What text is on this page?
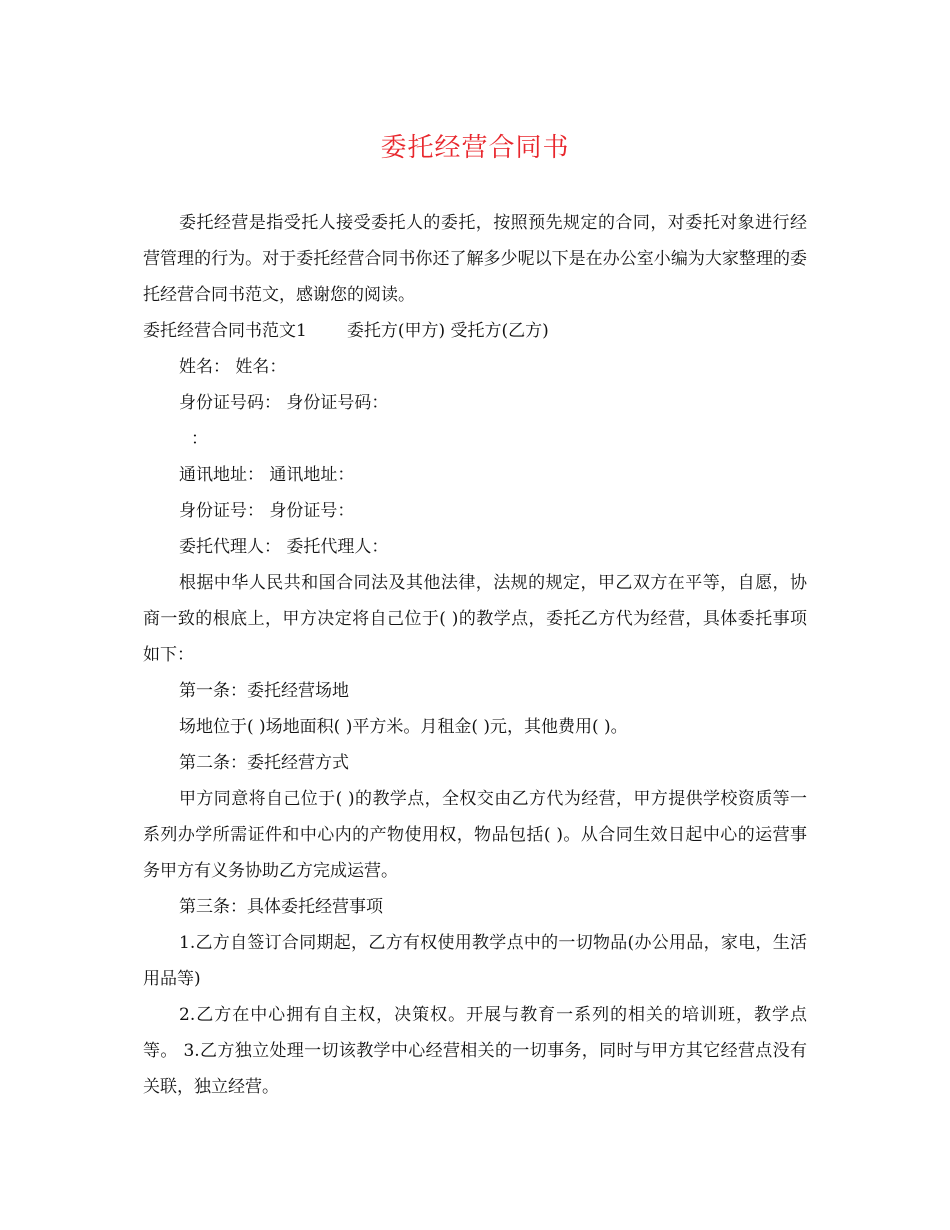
委托经营合同书

委托经营是指受托人接受委托人的委托，按照预先规定的合同，对委托对象进行经营管理的行为。对于委托经营合同书你还了解多少呢以下是在办公室小编为大家整理的委托经营合同书范文，感谢您的阅读。

委托经营合同书范文1 委托方(甲方) 受托方(乙方)

姓名： 姓名：

身份证号码： 身份证号码：

：

通讯地址： 通讯地址：

身份证号： 身份证号：

委托代理人： 委托代理人：

根据中华人民共和国合同法及其他法律，法规的规定，甲乙双方在平等，自愿，协商一致的根底上，甲方决定将自己位于( )的教学点，委托乙方代为经营，具体委托事项如下：

第一条：委托经营场地

场地位于( )场地面积( )平方米。月租金( )元，其他费用( )。

第二条：委托经营方式

甲方同意将自己位于( )的教学点，全权交由乙方代为经营，甲方提供学校资质等一系列办学所需证件和中心内的产物使用权，物品包括( )。从合同生效日起中心的运营事务甲方有义务协助乙方完成运营。

第三条：具体委托经营事项

1.乙方自签订合同期起，乙方有权使用教学点中的一切物品(办公用品，家电，生活用品等)

2.乙方在中心拥有自主权，决策权。开展与教育一系列的相关的培训班，教学点等。 3.乙方独立处理一切该教学中心经营相关的一切事务，同时与甲方其它经营点没有关联，独立经营。
